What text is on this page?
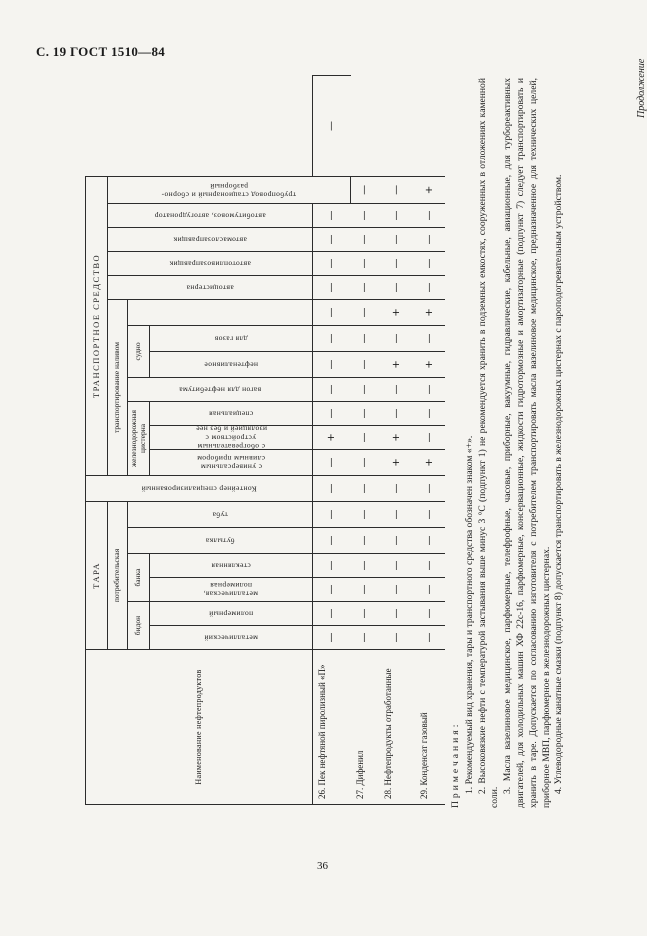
С. 19 ГОСТ 1510—84
Продолжение
Наименование нефтепродуктов	ТАРА						Контейнер специализированный	ТРАНСПОРТНОЕ СРЕДСТВО												
	потребительская							транспортирование наливом							автоцистерна	автотопливозаправщик	автомаслозаправщик	автобитумовоз, автогудронатор	трубопровод стационарный и сборно-разборный	

	бидон		банка		бутылка	туба		железнодорожная цистерна			вагон для нефтебитума	судно								

	металлический	полимерный	металлическая, полимерная	стеклянная				с универсальным сливным прибором	с обогревательным устройством с изоляцией и без нее	специальная		нефтеналивное	для газов							

26. Пек нефтяной пиролизный «П»	—	—	—	—	—	—	—	—	+	—	—	—	—	—	—	—	—	—		—
27. Дифенил	—	—	—	—	—	—	—	—	—	—	—	—	—	—	—	—	—	—	—	
28. Нефтепродукты отработанные	—	—	—	—	—	—	—	+	+	—	—	+	—	+	—	—	—	—	—	
29. Конденсат газовый	—	—	—	—	—	—	—	+	—	—	—	+	—	+	—	—	—	—	+	

Примечания: 1. Рекомендуемый вид хранения, тары и транспортного средства обозначен знаком «+». 2. Высоковязкие нефти с температурой застывания выше минус 3 °С (подпункт 1) не рекомендуется хранить в подземных емкостях, сооруженных в отложениях каменной соли.

3. Масла вазелиновое медицинское, парфюмерные, телефрофные, часовые, приборные, вакуумные, гидравлические, кабельные, авиационные, для турбореактивных двигателей, для холодильных машин ХФ 22с-16, парфюмерные, консервационные, жидкости гидротормозные и амортизаторные (подпункт 7) следует транспортировать и хранить в таре. Допускается по согласованию изготовителя с потребителем транспортировать масла вазелиновое медицинское, предназначенное для технических целей, приборное МВП, парфюмерное в железнодорожных цистернах. 4. Углеводородные канатные смазки (подпункт 8) допускается транспортировать в железнодорожных цистернах с пароподогревательным устройством.

36
